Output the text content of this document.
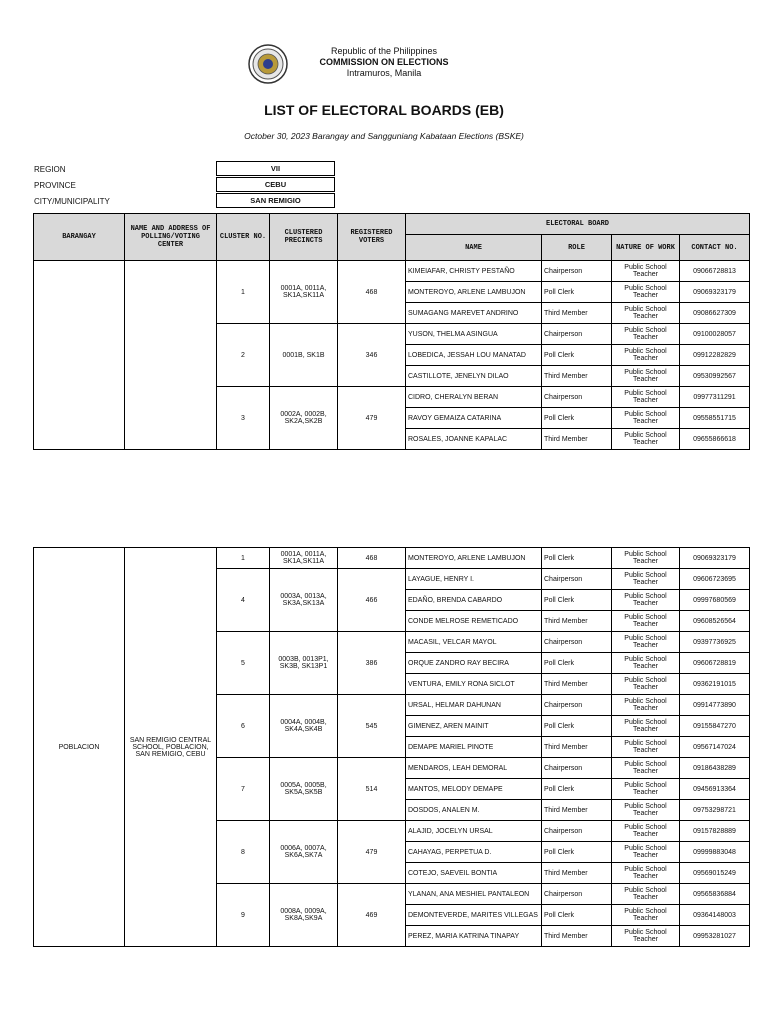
Republic of the Philippines
COMMISSION ON ELECTIONS
Intramuros, Manila
LIST OF ELECTORAL BOARDS (EB)
October 30, 2023 Barangay and Sangguniang Kabataan Elections (BSKE)
REGION	VII
PROVINCE	CEBU
CITY/MUNICIPALITY	SAN REMIGIO
BARANGAY	NAME AND ADDRESS OF POLLING/VOTING CENTER	CLUSTER NO.	CLUSTERED PRECINCTS	REGISTERED VOTERS	ELECTORAL BOARD			
					NAME	ROLE	NATURE OF WORK	CONTACT NO.
		1	0001A, 0011A, SK1A,SK11A	468	KIMEIAFAR, CHRISTY PESTAÑO	Chairperson	Public School Teacher	09066728813
					MONTEROYO, ARLENE LAMBUJON	Poll Clerk	Public School Teacher	09069323179
					SUMAGANG MAREVET ANDRINO	Third Member	Public School Teacher	09086627309
		2	0001B, SK1B	346	YUSON, THELMA ASINGUA	Chairperson	Public School Teacher	09100028057
					LOBEDICA, JESSAH LOU MANATAD	Poll Clerk	Public School Teacher	09912282829
					CASTILLOTE, JENELYN DILAO	Third Member	Public School Teacher	09530992567
		3	0002A, 0002B, SK2A,SK2B	479	CIDRO, CHERALYN BERAN	Chairperson	Public School Teacher	09977311291
					RAVOY GEMAIZA CATARINA	Poll Clerk	Public School Teacher	09558551715
					ROSALES, JOANNE KAPALAC	Third Member	Public School Teacher	09655866618
POBLACION	SAN REMIGIO CENTRAL SCHOOL, POBLACION, SAN REMIGIO, CEBU	1	0001A, 0011A, SK1A,SK11A	468	MONTEROYO, ARLENE LAMBUJON	Poll Clerk	Public School Teacher	09069323179
		4	0003A, 0013A, SK3A,SK13A	466	LAYAGUE, HENRY I.	Chairperson	Public School Teacher	09606723695
					EDAÑO, BRENDA CABARDO	Poll Clerk	Public School Teacher	09997680569
					CONDE MELROSE REMETICADO	Third Member	Public School Teacher	09608526564
		5	0003B, 0013P1, SK3B, SK13P1	386	MACASIL, VELCAR MAYOL	Chairperson	Public School Teacher	09397736925
					ORQUE ZANDRO RAY BECIRA	Poll Clerk	Public School Teacher	09606728819
					VENTURA, EMILY RONA SICLOT	Third Member	Public School Teacher	09362191015
		6	0004A, 0004B, SK4A,SK4B	545	URSAL, HELMAR DAHUNAN	Chairperson	Public School Teacher	09914773890
					GIMENEZ, AREN MAINIT	Poll Clerk	Public School Teacher	09155847270
					DEMAPE MARIEL PINOTE	Third Member	Public School Teacher	09567147024
		7	0005A, 0005B, SK5A,SK5B	514	MENDAROS, LEAH DEMORAL	Chairperson	Public School Teacher	09186438289
					MANTOS, MELODY DEMAPE	Poll Clerk	Public School Teacher	09456913364
					DOSDOS, ANALEN M.	Third Member	Public School Teacher	09753298721
		8	0006A, 0007A, SK6A,SK7A	479	ALAJID, JOCELYN URSAL	Chairperson	Public School Teacher	09157828889
					CAHAYAG, PERPETUA D.	Poll Clerk	Public School Teacher	09999883048
					COTEJO, SAEVEIL BONTIA	Third Member	Public School Teacher	09569015249
		9	0008A, 0009A, SK8A,SK9A	469	YLANAN, ANA MESHIEL PANTALEON	Chairperson	Public School Teacher	09565836884
					DEMONTEVERDE, MARITES VILLEGAS	Poll Clerk	Public School Teacher	09364148003
					PEREZ, MARIA KATRINA TINAPAY	Third Member	Public School Teacher	09953281027
